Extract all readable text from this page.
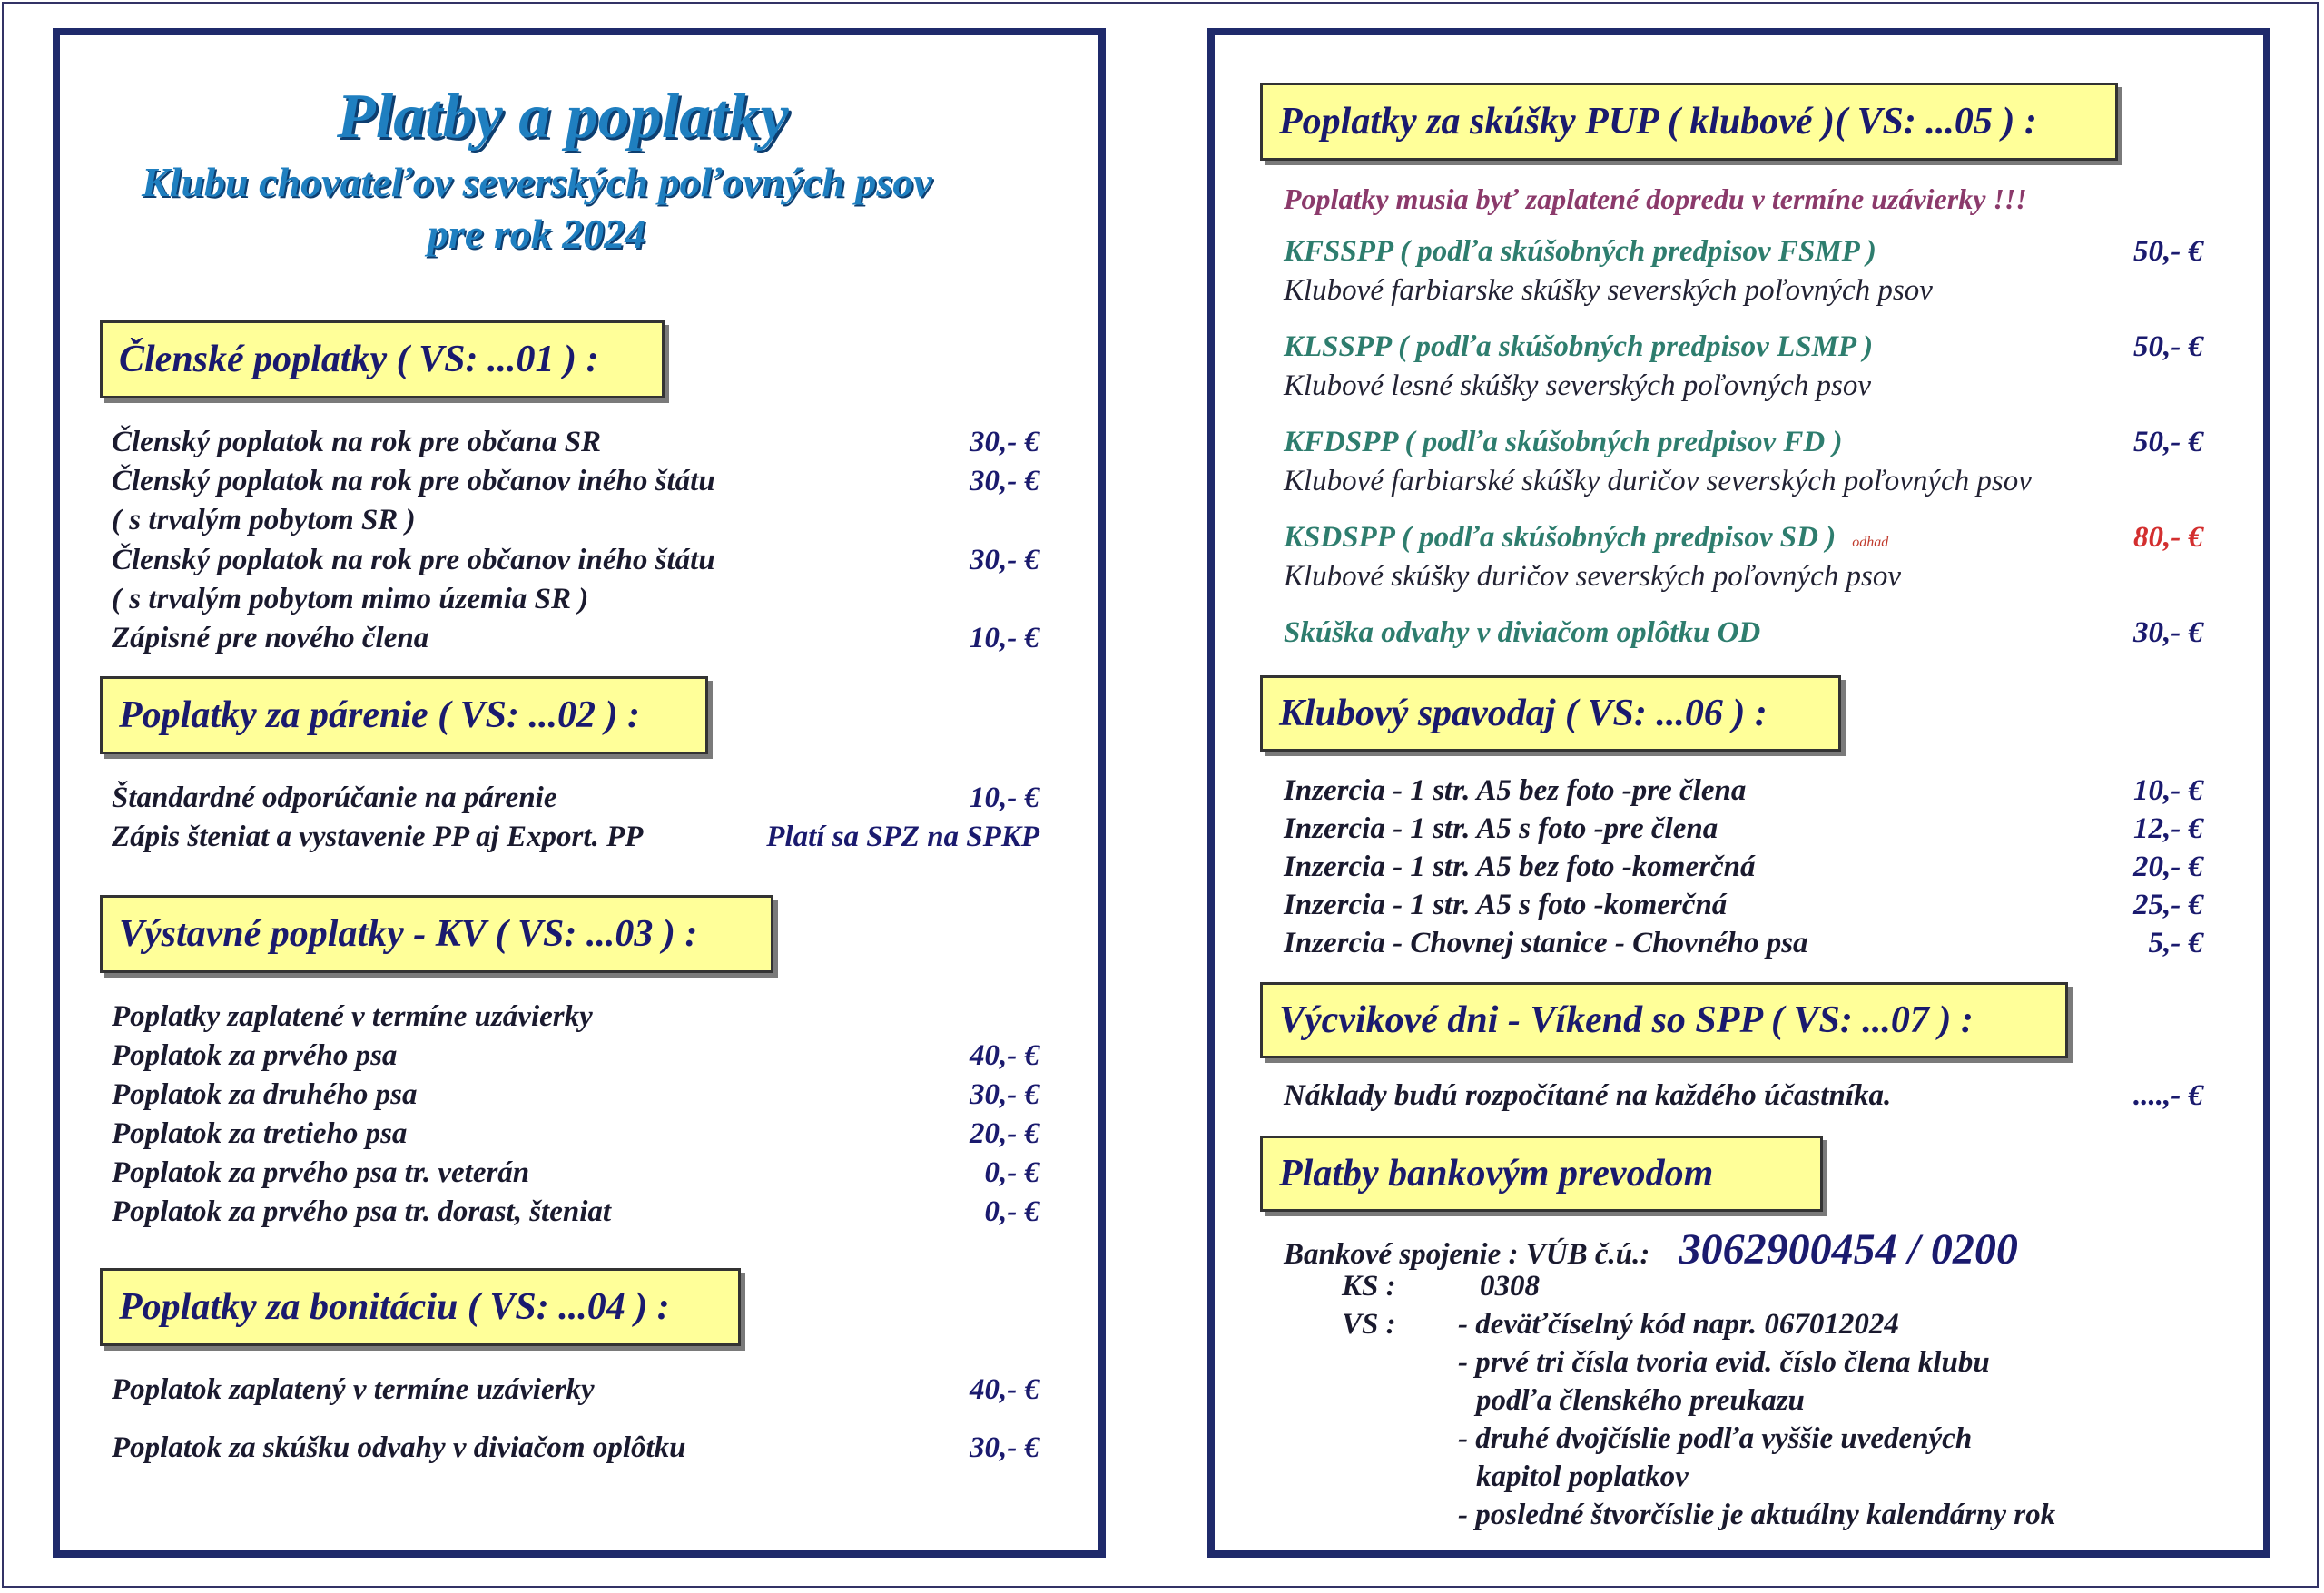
Platby a poplatky
Klubu chovateľov severských poľovných psov
pre rok 2024
Členské poplatky ( VS: ...01 ) :
Členský poplatok na rok pre občana SR	30,- €
Členský poplatok na rok pre občanov iného štátu	30,- €
( s trvalým pobytom SR )
Členský poplatok na rok pre občanov iného štátu	30,- €
( s trvalým pobytom mimo územia SR )
Zápisné pre nového člena	10,- €
Poplatky za párenie ( VS: ...02 ) :
Štandardné odporúčanie na párenie	10,- €
Zápis šteniat a vystavenie PP aj Export. PP	Platí sa SPZ na SPKP
Výstavné poplatky - KV ( VS: ...03 ) :
Poplatky zaplatené v termíne uzávierky
Poplatok za prvého psa	40,- €
Poplatok za druhého psa	30,- €
Poplatok za tretieho psa	20,- €
Poplatok za prvého psa tr. veterán	0,- €
Poplatok za prvého psa tr. dorast, šteniat	0,- €
Poplatky za bonitáciu ( VS: ...04 ) :
Poplatok zaplatený v termíne uzávierky	40,- €
Poplatok za skúšku odvahy v diviačom oplôtku	30,- €
Poplatky za skúšky PUP ( klubové )( VS: ...05 ) :
Poplatky musia byť zaplatené dopredu v termíne uzávierky !!!
KFSSPP ( podľa skúšobných predpisov FSMP )	50,- €
Klubové farbiarske skúšky severských poľovných psov
KLSSPP ( podľa skúšobných predpisov LSMP )	50,- €
Klubové lesné skúšky severských poľovných psov
KFDSPP ( podľa skúšobných predpisov FD )	50,- €
Klubové farbiarské skúšky duričov severských poľovných psov
KSDSPP ( podľa skúšobných predpisov SD ) odhad	80,- €
Klubové skúšky duričov severských poľovných psov
Skúška odvahy v diviačom oplôtku OD	30,- €
Klubový spavodaj ( VS: ...06 ) :
Inzercia - 1 str. A5 bez foto -pre člena	10,- €
Inzercia - 1 str. A5 s foto -pre člena	12,- €
Inzercia - 1 str. A5 bez foto -komerčná	20,- €
Inzercia - 1 str. A5 s foto -komerčná	25,- €
Inzercia - Chovnej stanice - Chovného psa	5,- €
Výcvikové dni - Víkend so SPP ( VS: ...07 ) :
Náklady budú rozpočítané na každého účastníka.	....,- €
Platby bankovým prevodom
Bankové spojenie : VÚB č.ú.: 3062900454 / 0200
KS :	0308
VS : - deväťčíselný kód napr. 067012024
- prvé tri čísla tvoria evid. číslo člena klubu
podľa členského preukazu
- druhé dvojčíslie podľa vyššie uvedených
kapitol poplatkov
- posledné štvorčíslie je aktuálny kalendárny rok
